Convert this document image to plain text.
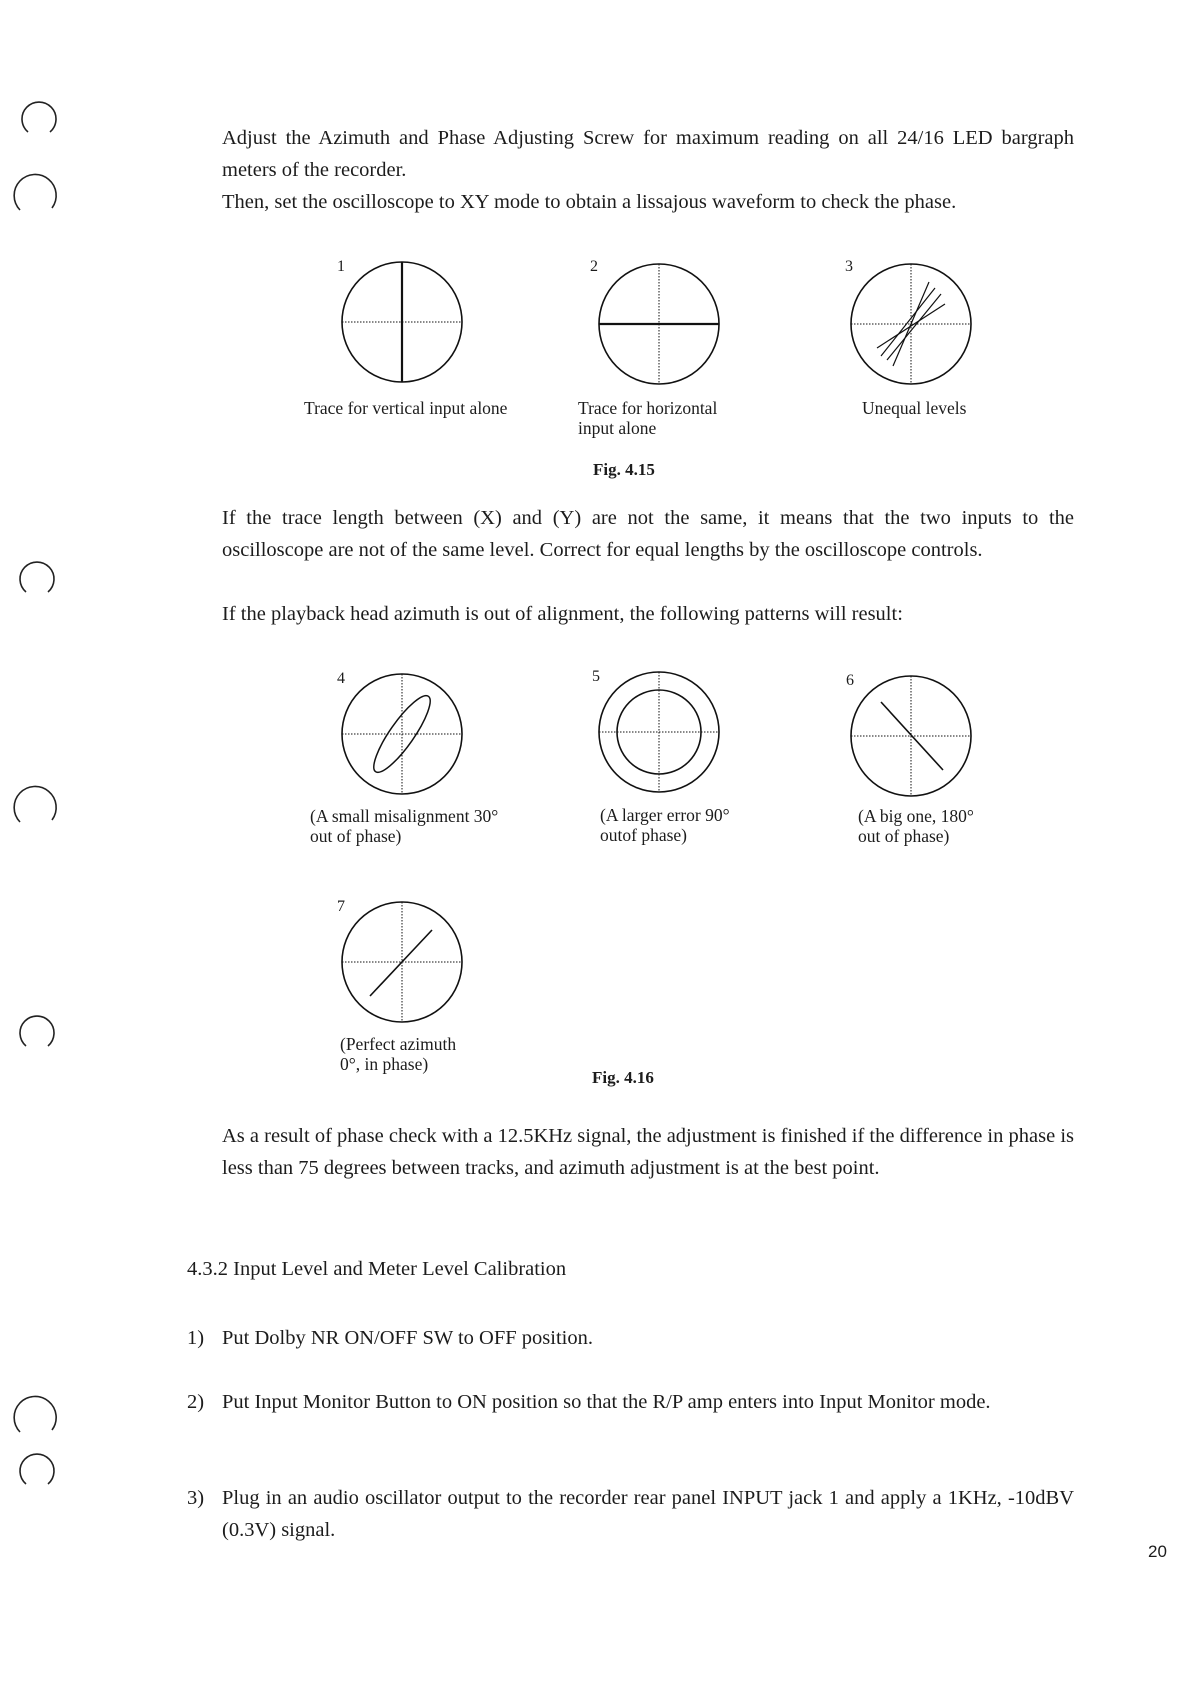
Adjust the Azimuth and Phase Adjusting Screw for maximum reading on all 24/16 LED bargraph meters of the recorder.
Then, set the oscilloscope to XY mode to obtain a lissajous waveform to check the phase.

1
Trace for vertical input alone
2
Trace for horizontal
input alone
3
Unequal levels
Fig. 4.15

If the trace length between (X) and (Y) are not the same, it means that the two inputs to the oscilloscope are not of the same level. Correct for equal lengths by the oscilloscope controls.

If the playback head azimuth is out of alignment, the following patterns will result:

4
(A small misalignment 30°
out of phase)
5
(A larger error 90°
outof phase)
6
(A big one, 180°
out of phase)
7
(Perfect azimuth
0°, in phase)
Fig. 4.16

As a result of phase check with a 12.5KHz signal, the adjustment is finished if the difference in phase is less than 75 degrees between tracks, and azimuth adjustment is at the best point.

4.3.2 Input Level and Meter Level Calibration
1) Put Dolby NR ON/OFF SW to OFF position.
2) Put Input Monitor Button to ON position so that the R/P amp enters into Input Monitor mode.
3) Plug in an audio oscillator output to the recorder rear panel INPUT jack 1 and apply a 1KHz, -10dBV (0.3V) signal.
20
